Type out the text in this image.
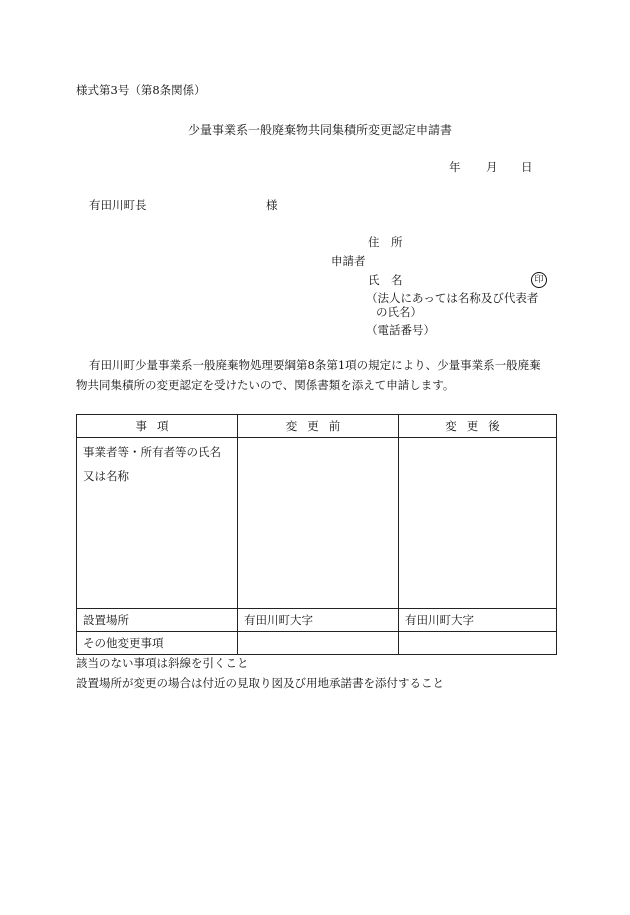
様式第3号（第8条関係）
少量事業系一般廃棄物共同集積所変更認定申請書
年 月 日
有田川町長	様
住　所
申請者
氏　名	印
（法人にあっては名称及び代表者
の氏名）
（電話番号）
有田川町少量事業系一般廃棄物処理要綱第8条第1項の規定により、少量事業系一般廃棄
物共同集積所の変更認定を受けたいので、関係書類を添えて申請します。
事項	変更前	変更後
事業者等・所有者等の氏名又は名称		
設置場所	有田川町大字	有田川町大字
その他変更事項		
該当のない事項は斜線を引くこと
設置場所が変更の場合は付近の見取り図及び用地承諾書を添付すること
